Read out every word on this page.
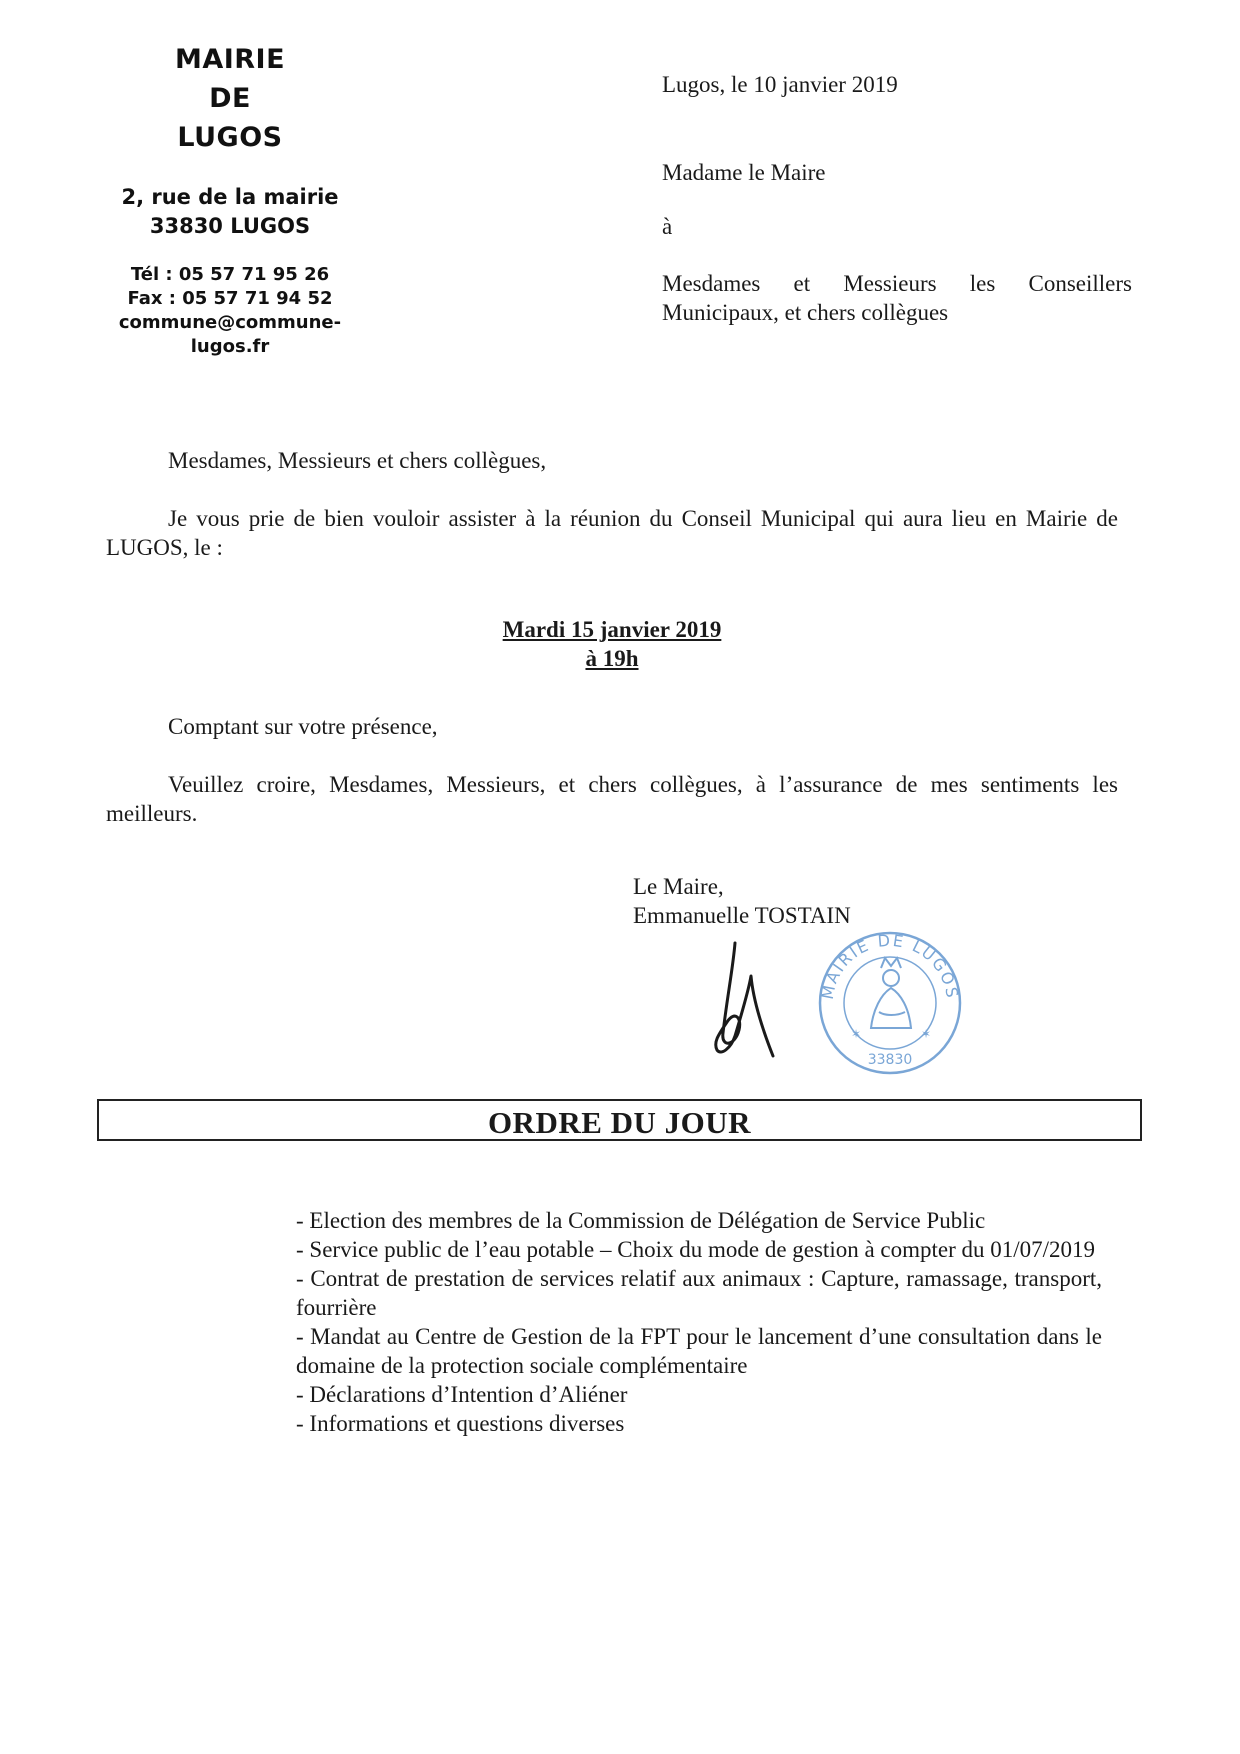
MAIRIE
DE
LUGOS
2, rue de la mairie
33830 LUGOS
Tél : 05 57 71 95 26
Fax : 05 57 71 94 52
commune@commune-lugos.fr
Lugos, le 10 janvier 2019
Madame le Maire
à
Mesdames et Messieurs les Conseillers Municipaux, et chers collègues

Mesdames, Messieurs et chers collègues,

Je vous prie de bien vouloir assister à la réunion du Conseil Municipal qui aura lieu en Mairie de LUGOS, le :

Mardi 15 janvier 2019

à 19h

Comptant sur votre présence,

Veuillez croire, Mesdames, Messieurs, et chers collègues, à l’assurance de mes sentiments les meilleurs.

Le Maire,
Emmanuelle TOSTAIN
MAIRIE DE LUGOS
✶	✶
33830
ORDRE DU JOUR
- Election des membres de la Commission de Délégation de Service Public
- Service public de l’eau potable – Choix du mode de gestion à compter du 01/07/2019
- Contrat de prestation de services relatif aux animaux : Capture, ramassage, transport, fourrière
- Mandat au Centre de Gestion de la FPT pour le lancement d’une consultation dans le domaine de la protection sociale complémentaire
- Déclarations d’Intention d’Aliéner
- Informations et questions diverses
